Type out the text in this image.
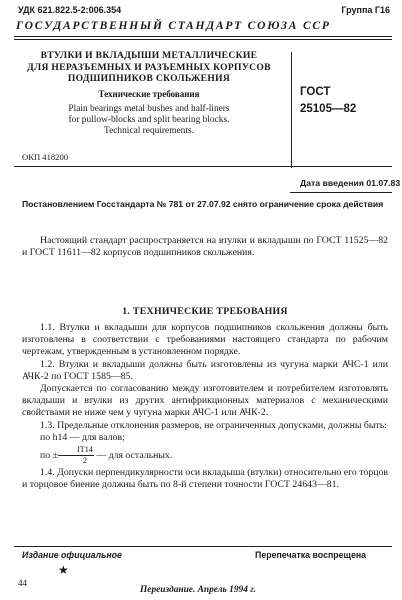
УДК 621.822.5-2:006.354	Группа Г16
ГОСУДАРСТВЕННЫЙ СТАНДАРТ СОЮЗА ССР
ВТУЛКИ И ВКЛАДЫШИ МЕТАЛЛИЧЕСКИЕ
ДЛЯ НЕРАЗЪЕМНЫХ И РАЗЪЕМНЫХ КОРПУСОВ
ПОДШИПНИКОВ СКОЛЬЖЕНИЯ
Технические требования
Plain bearings metal bushes and half-liners
for pullow-blocks and split bearing blocks.
Technical requirements.
ГОСТ
25105—82
ОКП 418200
Дата введения 01.07.83
Постановлением Госстандарта № 781 от 27.07.92 снято ограничение срока действия

Настоящий стандарт распространяется на втулки и вкладыши по ГОСТ 11525—82 и ГОСТ 11611—82 корпусов подшипников скольжения.

1. ТЕХНИЧЕСКИЕ ТРЕБОВАНИЯ

1.1. Втулки и вкладыши для корпусов подшипников скольжения должны быть изготовлены в соответствии с требованиями настоящего стандарта по рабочим чертежам, утвержденным в установленном порядке.

1.2. Втулки и вкладыши должны быть изготовлены из чугуна марки АЧС-1 или АЧК-2 по ГОСТ 1585—85.

Допускается по согласованию между изготовителем и потребителем изготовлять вкладыши и втулки из других антифрикционных материалов с механическими свойствами не ниже чем у чугуна марки АЧС-1 или АЧК-2.

1.3. Предельные отклонения размеров, не ограниченных допусками, должны быть:

по h14 — для валов;

по ± $\frac{IT14}{2}$ — для остальных.

1.4. Допуски перпендикулярности оси вкладыша (втулки) относительно его торцов и торцовое биение должны быть по 8-й степени точности ГОСТ 24643—81.

Издание официальное	Перепечатка воспрещена
★
44
Переиздание. Апрель 1994 г.
